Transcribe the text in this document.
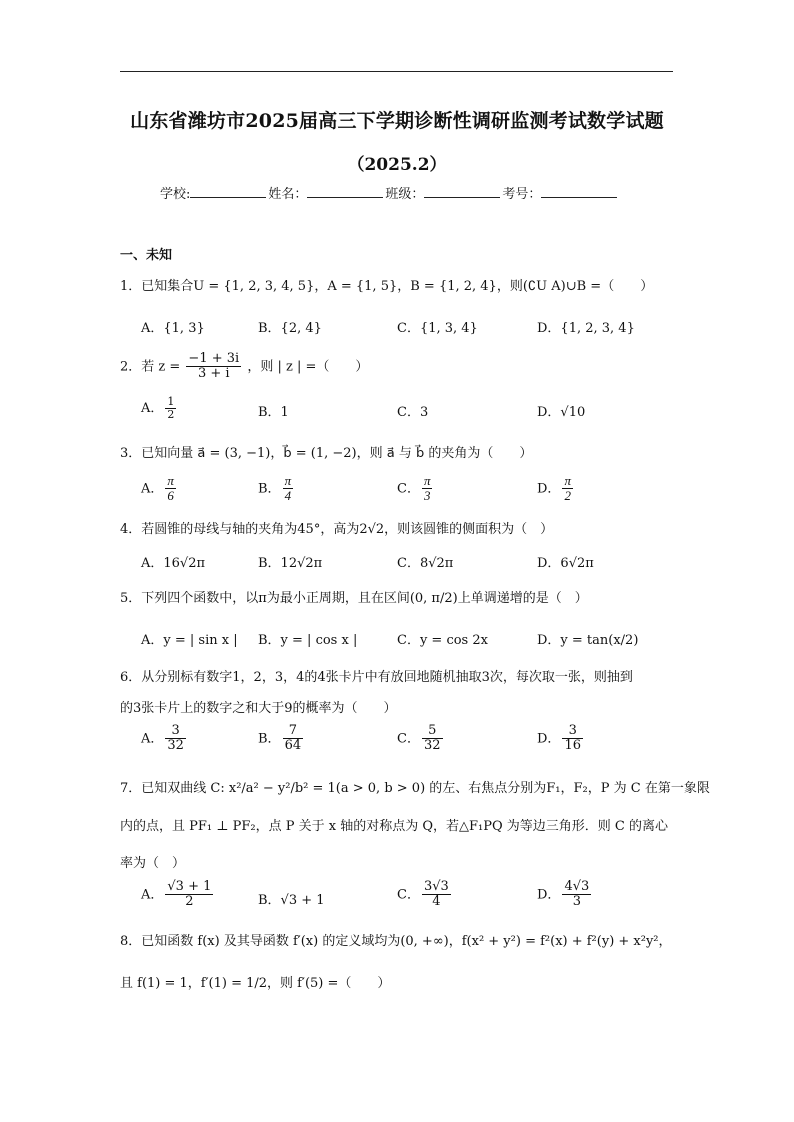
山东省潍坊市2025届高三下学期诊断性调研监测考试数学试题
（2025.2）
学校:	姓名：	班级：	考号：
一、未知
1．已知集合U = {1, 2, 3, 4, 5}，A = {1, 5}，B = {1, 2, 4}，则(∁U A)∪B =（　　）
A．{1, 3}	B．{2, 4}	C．{1, 3, 4}	D．{1, 2, 3, 4}
2．若 $z = \frac{-1 + 3i}{3 + i}$ ，则 | z | =（　　）
A． $\frac{1}{2}$	B．1	C．3	D．√10
3．已知向量 a⃗ = (3, −1)，b⃗ = (1, −2)，则 a⃗ 与 b⃗ 的夹角为（　　）
A． $\frac{\pi}{6}$	B． $\frac{\pi}{4}$	C． $\frac{\pi}{3}$	D． $\frac{\pi}{2}$
4．若圆锥的母线与轴的夹角为45°，高为2√2，则该圆锥的侧面积为（　）
A．16√2π	B．12√2π	C．8√2π	D．6√2π
5．下列四个函数中，以π为最小正周期，且在区间(0, π/2)上单调递增的是（　）
A．y = | sin x | B．y = | cos x |	C．y = cos 2x	D．y = tan(x/2)
6．从分别标有数字1，2，3，4的4张卡片中有放回地随机抽取3次，每次取一张，则抽到
的3张卡片上的数字之和大于9的概率为（　　）
A． $\frac{3}{32}$	B． $\frac{7}{64}$	C． $\frac{5}{32}$	D． $\frac{3}{16}$
7．已知双曲线 C: x²/a² − y²/b² = 1(a > 0, b > 0) 的左、右焦点分别为F₁，F₂，P 为 C 在第一象限
内的点，且 PF₁ ⊥ PF₂，点 P 关于 x 轴的对称点为 Q，若△F₁PQ 为等边三角形．则 C 的离心
率为（　）
A． $\frac{√3 + 1}{2}$	B．√3 + 1	C． $\frac{3√3}{4}$	D． $\frac{4√3}{3}$
8．已知函数 f(x) 及其导函数 f′(x) 的定义域均为(0, +∞)，f(x² + y²) = f²(x) + f²(y) + x²y²，
且 f(1) = 1，f′(1) = 1/2，则 f′(5) =（　　）
